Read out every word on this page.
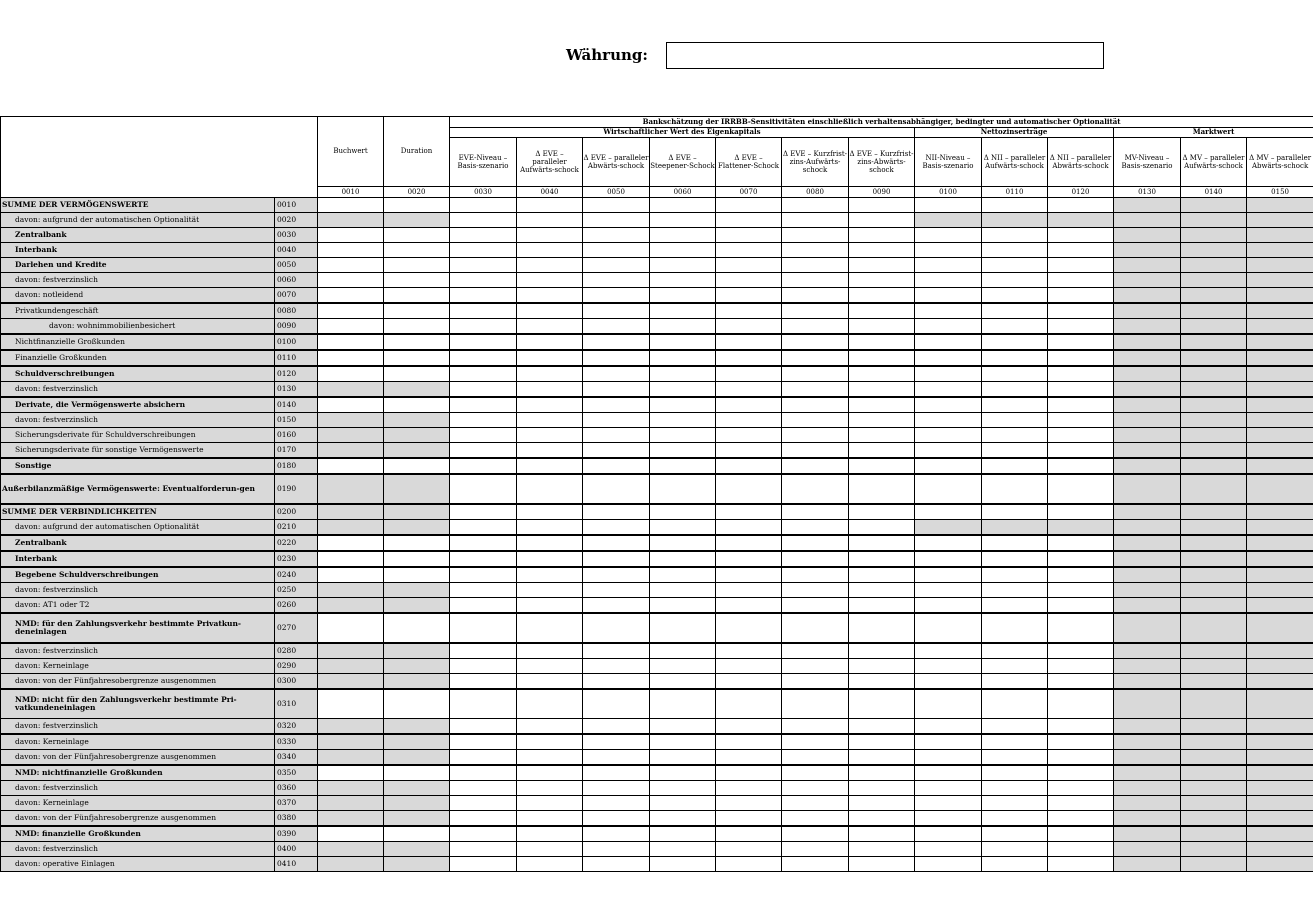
Währung:
		Buchwert	Duration	Bankschätzung der IRRBB-Sensitivitäten einschließlich verhaltensabhängiger, bedingter und automatischer Optionalität												
				Wirtschaftlicher Wert des Eigenkapitals							Nettozinserträge			Marktwert		
				EVE-Niveau – Basis-szenario	Δ EVE – paralleler Aufwärts-schock	Δ EVE – paralleler Abwärts-schock	Δ EVE – Steepener-Schock	Δ EVE – Flattener-Schock	Δ EVE – Kurzfrist-zins-Aufwärts-schock	Δ EVE – Kurzfrist-zins-Abwärts-schock	NII-Niveau – Basis-szenario	Δ NII – paralleler Aufwärts-schock	Δ NII – paralleler Abwärts-schock	MV-Niveau – Basis-szenario	Δ MV – paralleler Aufwärts-schock	Δ MV – paralleler Abwärts-schock
		0010	0020	0030	0040	0050	0060	0070	0080	0090	0100	0110	0120	0130	0140	0150
SUMME DER VERMÖGENSWERTE	0010															
davon: aufgrund der automatischen Optionalität	0020															
Zentralbank	0030															
Interbank	0040															
Darlehen und Kredite	0050															
davon: festverzinslich	0060															
davon: notleidend	0070															
Privatkundengeschäft	0080															
davon: wohnimmobilienbesichert	0090															
Nichtfinanzielle Großkunden	0100															
Finanzielle Großkunden	0110															
Schuldverschreibungen	0120															
davon: festverzinslich	0130															
Derivate, die Vermögenswerte absichern	0140															
davon: festverzinslich	0150															
Sicherungsderivate für Schuldverschreibungen	0160															
Sicherungsderivate für sonstige Vermögenswerte	0170															
Sonstige	0180															
Außerbilanzmäßige Vermögenswerte: Eventualforderun-gen	0190															
SUMME DER VERBINDLICHKEITEN	0200															
davon: aufgrund der automatischen Optionalität	0210															
Zentralbank	0220															
Interbank	0230															
Begebene Schuldverschreibungen	0240															
davon: festverzinslich	0250															
davon: AT1 oder T2	0260															
NMD: für den Zahlungsverkehr bestimmte Privatkun-deneinlagen	0270															
davon: festverzinslich	0280															
davon: Kerneinlage	0290															
davon: von der Fünfjahresobergrenze ausgenommen	0300															
NMD: nicht für den Zahlungsverkehr bestimmte Pri-vatkundeneinlagen	0310															
davon: festverzinslich	0320															
davon: Kerneinlage	0330															
davon: von der Fünfjahresobergrenze ausgenommen	0340															
NMD: nichtfinanzielle Großkunden	0350															
davon: festverzinslich	0360															
davon: Kerneinlage	0370															
davon: von der Fünfjahresobergrenze ausgenommen	0380															
NMD: finanzielle Großkunden	0390															
davon: festverzinslich	0400															
davon: operative Einlagen	0410															
